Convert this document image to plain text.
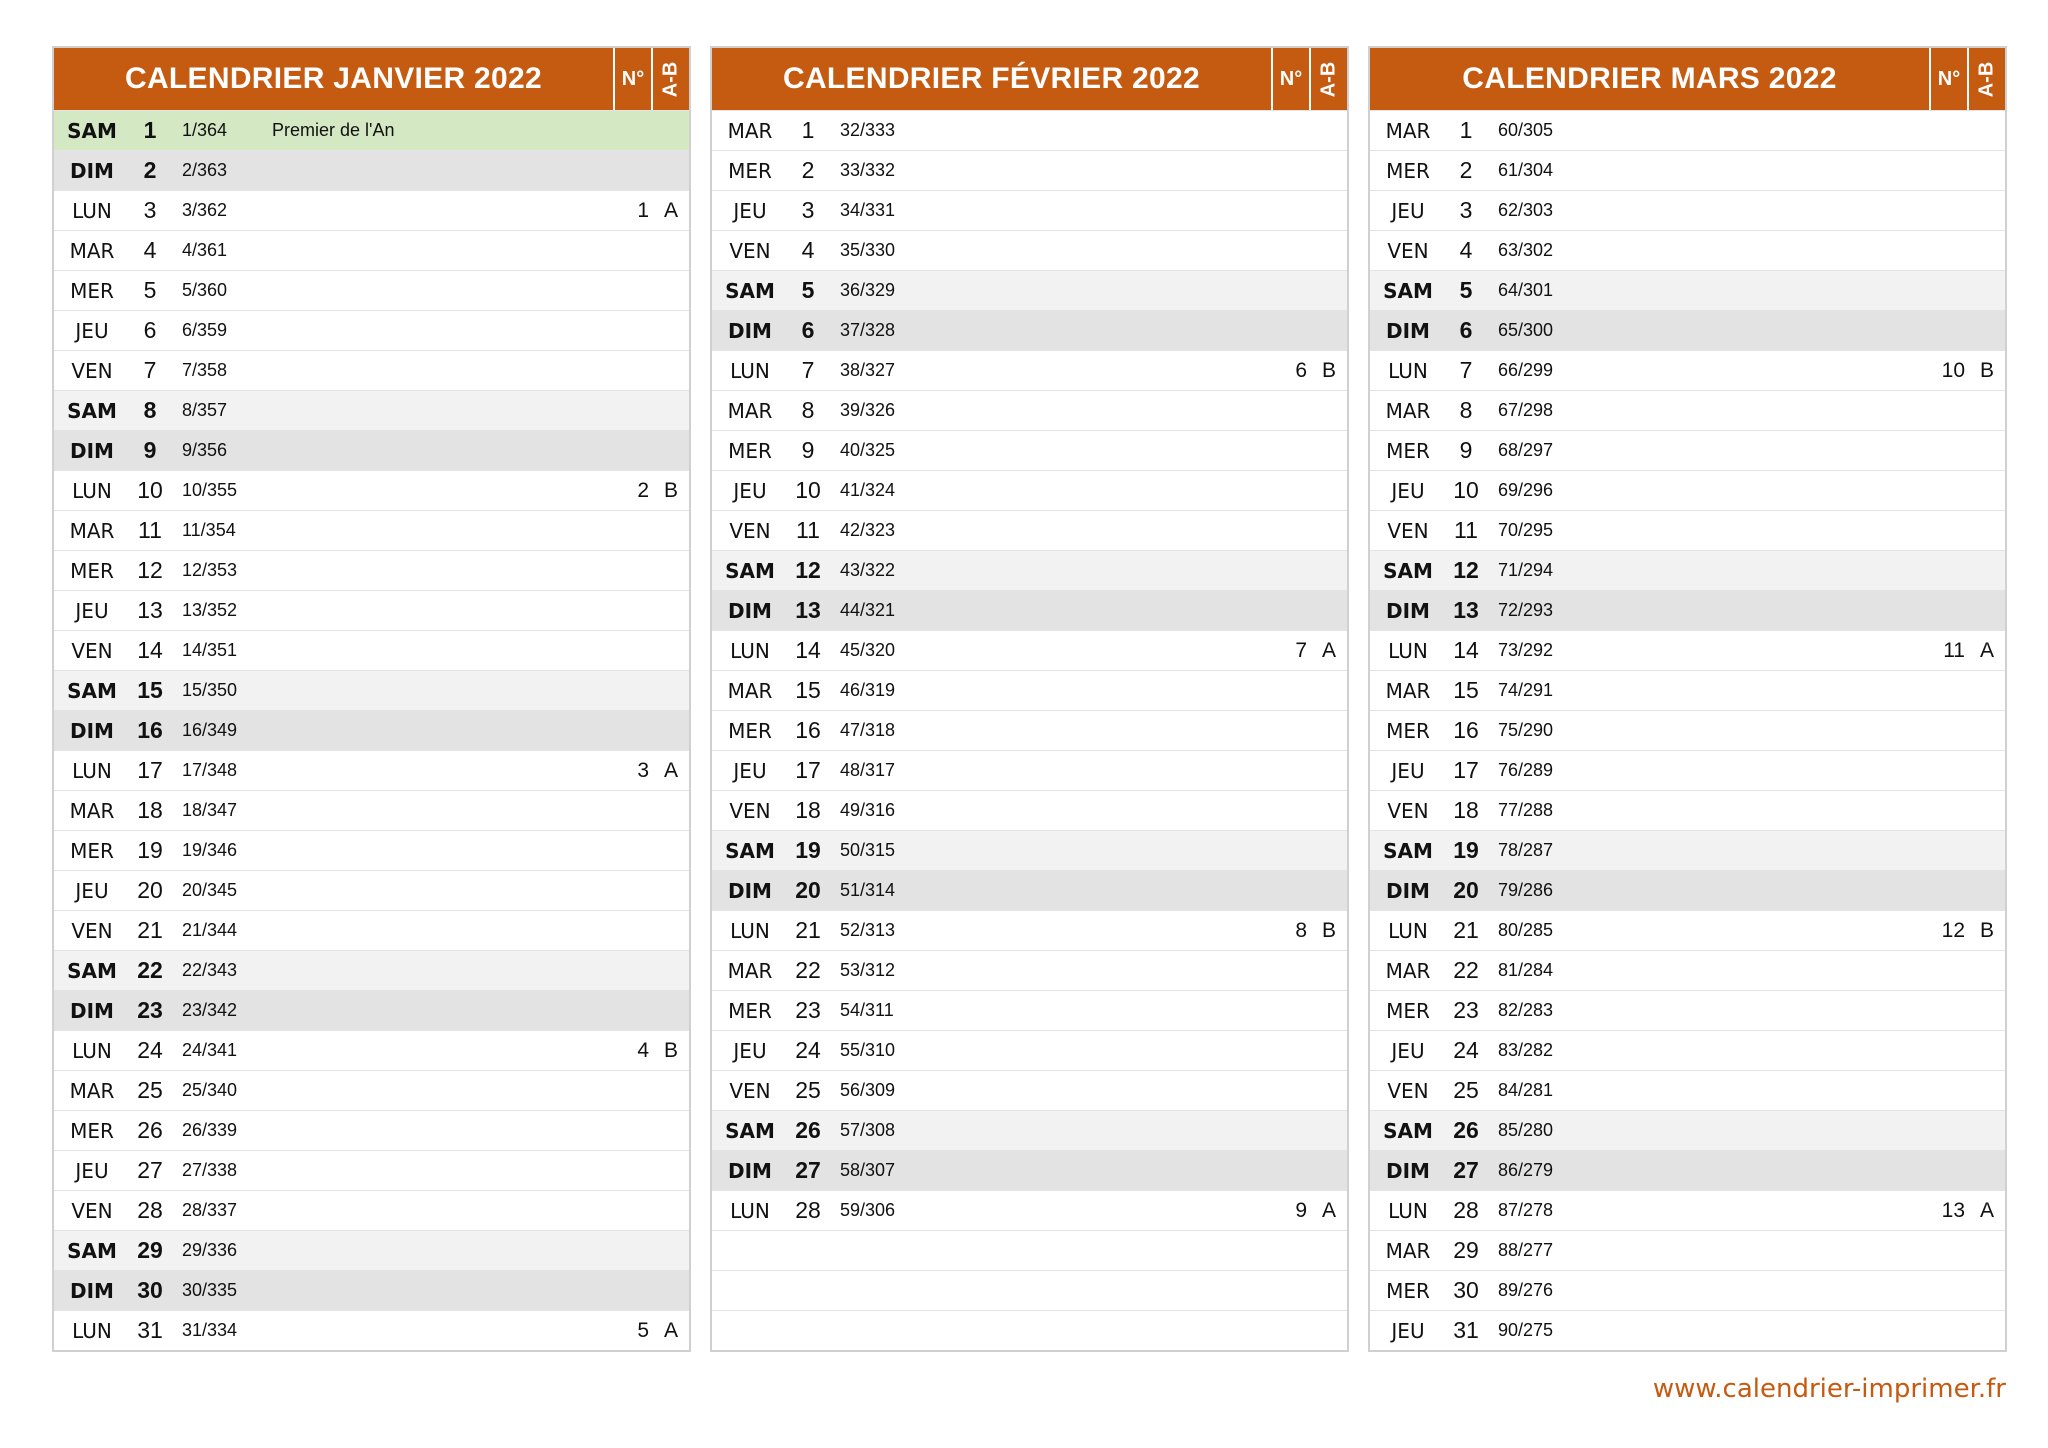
CALENDRIER JANVIER 2022	N° A-B
SAM	1	1/364	Premier de l'An
DIM	2	2/363
LUN	3	3/362	1 A
MAR	4	4/361
MER	5	5/360
JEU	6	6/359
VEN	7	7/358
SAM	8	8/357
DIM	9	9/356
LUN	10	10/355	2 B
MAR	11	11/354
MER	12	12/353
JEU	13	13/352
VEN	14	14/351
SAM 15	15/350
DIM	16	16/349
LUN	17	17/348	3 A
MAR 18	18/347
MER	19	19/346
JEU	20	20/345
VEN	21	21/344
SAM 22	22/343
DIM	23	23/342
LUN	24	24/341	4 B
MAR 25	25/340
MER	26	26/339
JEU	27	27/338
VEN	28	28/337
SAM 29	29/336
DIM	30	30/335
LUN	31	31/334	5 A
CALENDRIER FÉVRIER 2022	N° A-B
MAR	1	32/333
MER	2	33/332
JEU	3	34/331
VEN	4	35/330
SAM	5	36/329
DIM	6	37/328
LUN	7	38/327	6 B
MAR	8	39/326
MER	9	40/325
JEU	10	41/324
VEN	11	42/323
SAM 12	43/322
DIM	13	44/321
LUN	14	45/320	7 A
MAR 15	46/319
MER	16	47/318
JEU	17	48/317
VEN	18	49/316
SAM 19	50/315
DIM	20	51/314
LUN	21	52/313	8 B
MAR 22	53/312
MER	23	54/311
JEU	24	55/310
VEN	25	56/309
SAM 26	57/308
DIM	27	58/307
LUN	28	59/306	9 A
CALENDRIER MARS 2022	N° A-B
MAR	1	60/305
MER	2	61/304
JEU	3	62/303
VEN	4	63/302
SAM	5	64/301
DIM	6	65/300
LUN	7	66/299	10 B
MAR	8	67/298
MER	9	68/297
JEU	10	69/296
VEN	11	70/295
SAM 12	71/294
DIM	13	72/293
LUN	14	73/292	11 A
MAR 15	74/291
MER	16	75/290
JEU	17	76/289
VEN	18	77/288
SAM 19	78/287
DIM	20	79/286
LUN	21	80/285	12 B
MAR 22	81/284
MER	23	82/283
JEU	24	83/282
VEN	25	84/281
SAM 26	85/280
DIM	27	86/279
LUN	28	87/278	13 A
MAR 29	88/277
MER	30	89/276
JEU	31	90/275
www.calendrier-imprimer.fr
